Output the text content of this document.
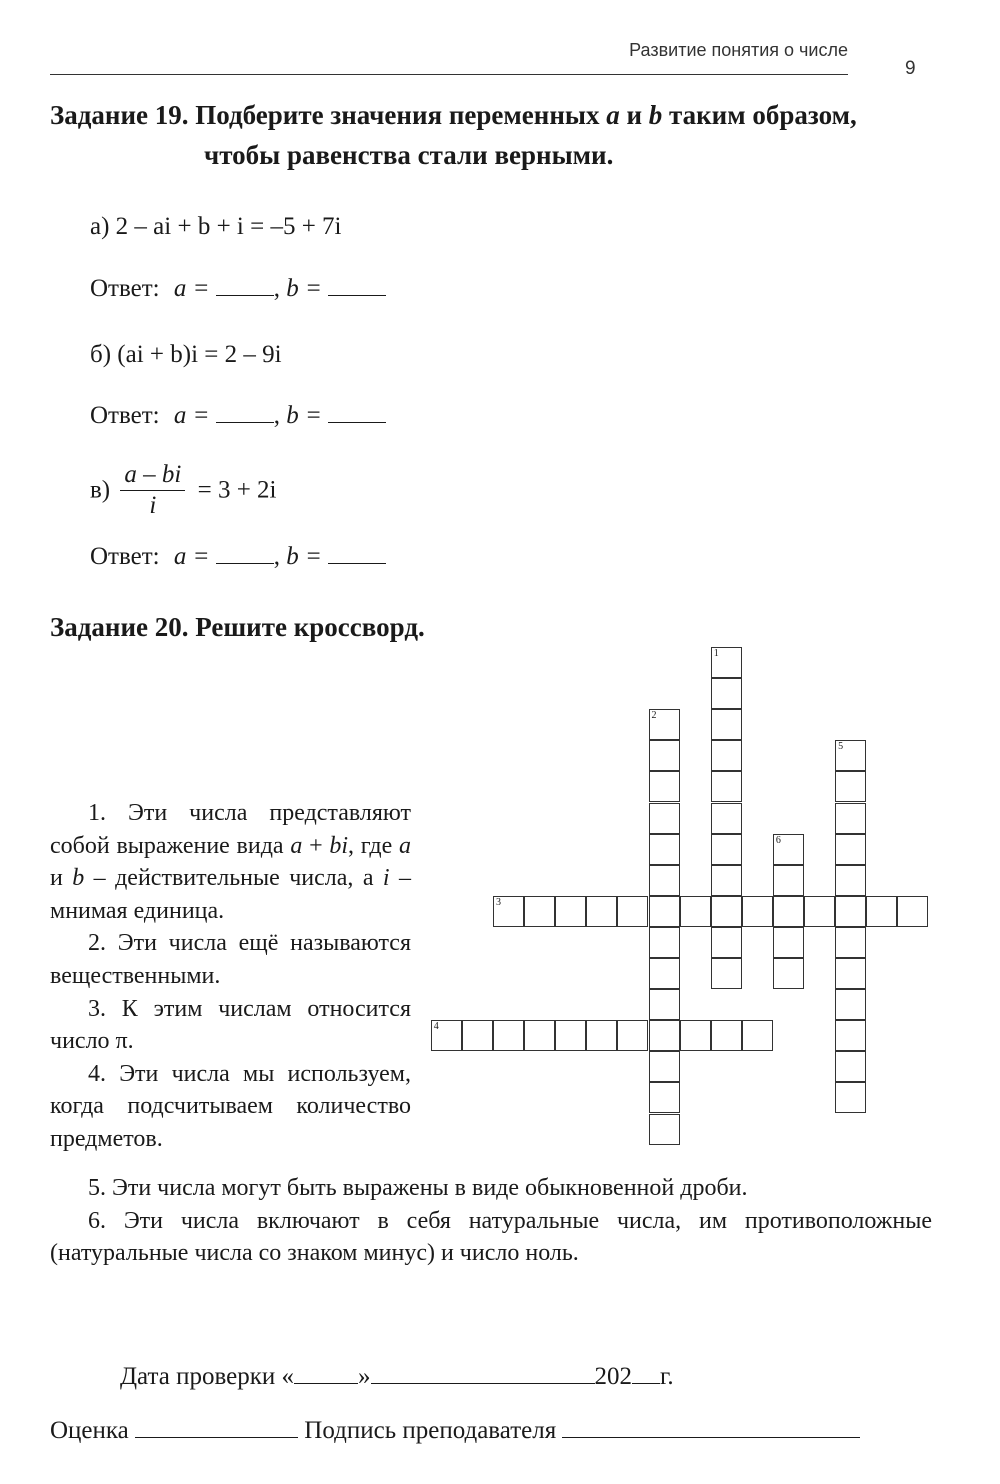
Развитие понятия о числе
9
Задание 19. Подберите значения переменных a и b таким образом,
чтобы равенства стали верными.
а) 2 – ai + b + i = –5 + 7i
Ответ: a =	, b =
б) (ai + b)i = 2 – 9i
Ответ: a =	, b =
$в) \frac{a - bi}{i} = 3 + 2i$
Ответ: a =	, b =
Задание 20. Решите кроссворд.
1
2
3
4
5
6
1. Эти числа представляют собой выражение вида a + bi, где a и b – действительные числа, а i – мнимая единица.
2. Эти числа ещё называются вещественными.
3. К этим числам относится число π.
4. Эти числа мы используем, когда подсчитываем количество предметов.
5. Эти числа могут быть выражены в виде обыкновенной дроби.
6. Эти числа включают в себя натуральные числа, им противоположные (натуральные числа со знаком минус) и число ноль.
Дата проверки «	»	202 г.
Оценка	Подпись преподавателя
